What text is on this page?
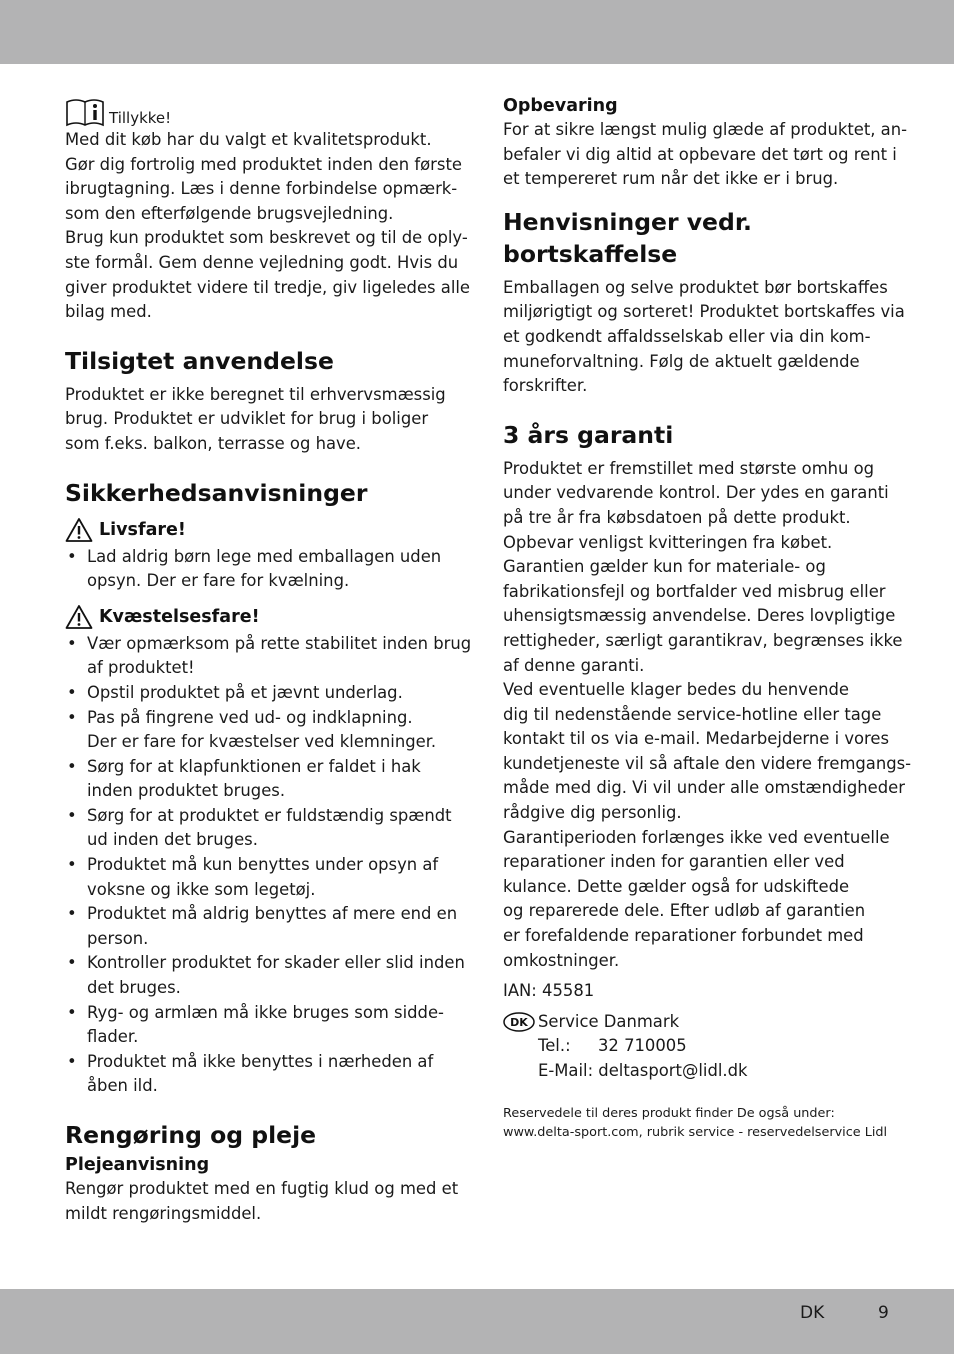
Tillykke!

Med dit køb har du valgt et kvalitetsprodukt.
Gør dig fortrolig med produktet inden den første
ibrugtagning. Læs i denne forbindelse opmærk-
som den efterfølgende brugsvejledning.
Brug kun produktet som beskrevet og til de oply-
ste formål. Gem denne vejledning godt. Hvis du
giver produktet videre til tredje, giv ligeledes alle
bilag med.

Tilsigtet anvendelse

Produktet er ikke beregnet til erhvervsmæssig
brug. Produktet er udviklet for brug i boliger
som f.eks. balkon, terrasse og have.

Sikkerhedsanvisninger
Livsfare!
• Lad aldrig børn lege med emballagen uden
opsyn. Der er fare for kvælning.
Kvæstelsesfare!
• Vær opmærksom på rette stabilitet inden brug
af produktet!
• Opstil produktet på et jævnt underlag.
• Pas på fingrene ved ud- og indklapning.
Der er fare for kvæstelser ved klemninger.
• Sørg for at klapfunktionen er faldet i hak
inden produktet bruges.
• Sørg for at produktet er fuldstændig spændt
ud inden det bruges.
• Produktet må kun benyttes under opsyn af
voksne og ikke som legetøj.
• Produktet må aldrig benyttes af mere end en
person.
• Kontroller produktet for skader eller slid inden
det bruges.
• Ryg- og armlæn må ikke bruges som sidde-
flader.
• Produktet må ikke benyttes i nærheden af
åben ild.
Rengøring og pleje
Plejeanvisning

Rengør produktet med en fugtig klud og med et
mildt rengøringsmiddel.

Opbevaring

For at sikre længst mulig glæde af produktet, an-
befaler vi dig altid at opbevare det tørt og rent i
et tempereret rum når det ikke er i brug.

Henvisninger vedr.
bortskaffelse

Emballagen og selve produktet bør bortskaffes
miljørigtigt og sorteret! Produktet bortskaffes via
et godkendt affaldsselskab eller via din kom-
muneforvaltning. Følg de aktuelt gældende
forskrifter.

3 års garanti

Produktet er fremstillet med største omhu og
under vedvarende kontrol. Der ydes en garanti
på tre år fra købsdatoen på dette produkt.
Opbevar venligst kvitteringen fra købet.
Garantien gælder kun for materiale- og
fabrikationsfejl og bortfalder ved misbrug eller
uhensigtsmæssig anvendelse. Deres lovpligtige
rettigheder, særligt garantikrav, begrænses ikke
af denne garanti.
Ved eventuelle klager bedes du henvende
dig til nedenstående service-hotline eller tage
kontakt til os via e-mail. Medarbejderne i vores
kundetjeneste vil så aftale den videre fremgangs-
måde med dig. Vi vil under alle omstændigheder
rådgive dig personlig.
Garantiperioden forlænges ikke ved eventuelle
reparationer inden for garantien eller ved
kulance. Dette gælder også for udskiftede
og reparerede dele. Efter udløb af garantien
er forefaldende reparationer forbundet med
omkostninger.

IAN: 45581

DK Service Danmark

Tel.: 32 710005

E-Mail: deltasport@lidl.dk

Reservedele til deres produkt finder De også under:
www.delta-sport.com, rubrik service - reservedelservice Lidl

DK	9
